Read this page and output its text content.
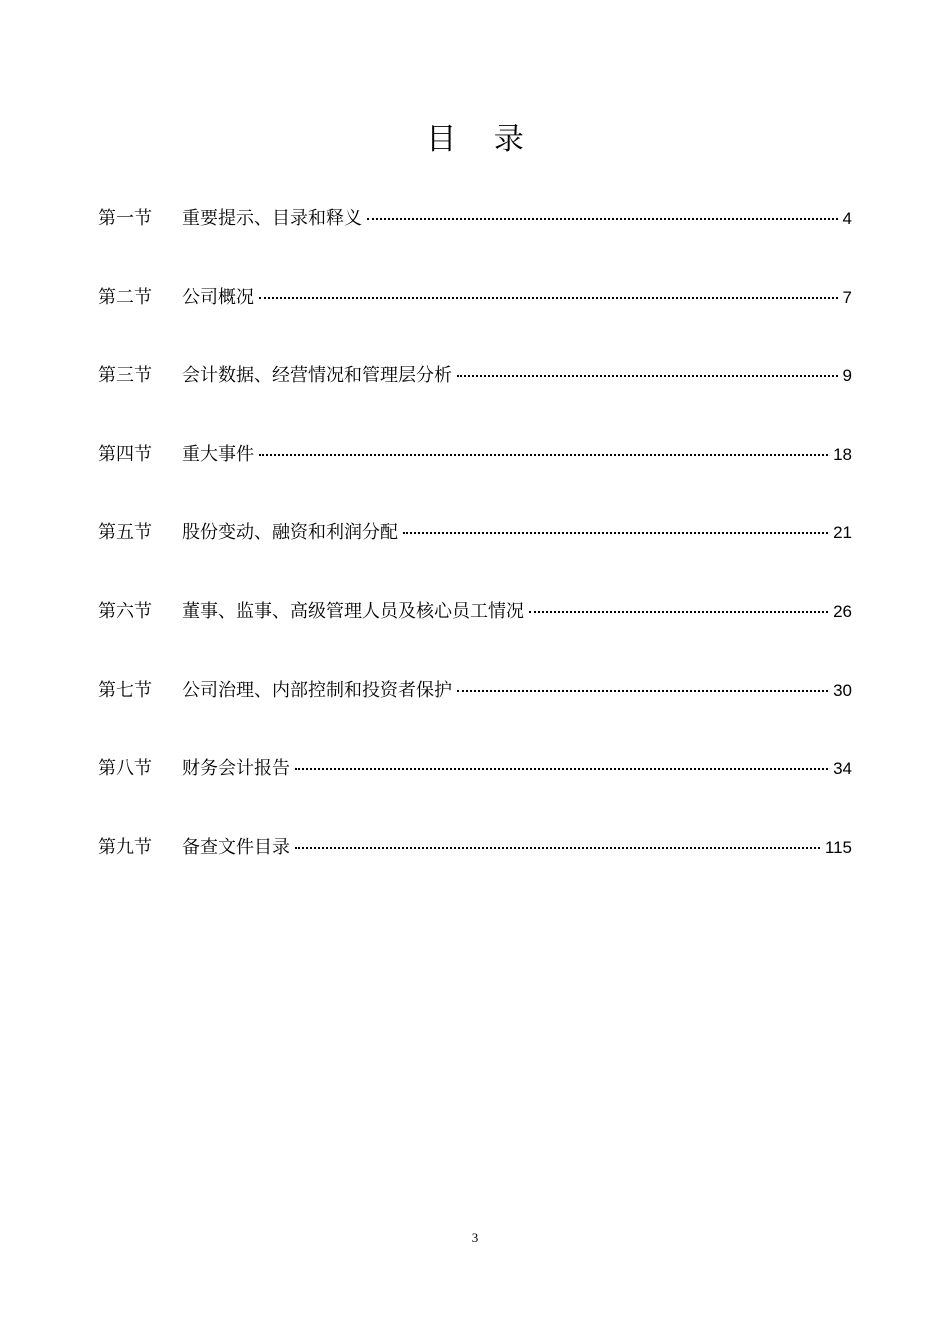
目 录
第一节	重要提示、目录和释义	4
第二节	公司概况	7
第三节	会计数据、经营情况和管理层分析	9
第四节	重大事件	18
第五节	股份变动、融资和利润分配	21
第六节	董事、监事、高级管理人员及核心员工情况	26
第七节	公司治理、内部控制和投资者保护	30
第八节	财务会计报告	34
第九节	备查文件目录	115
3
